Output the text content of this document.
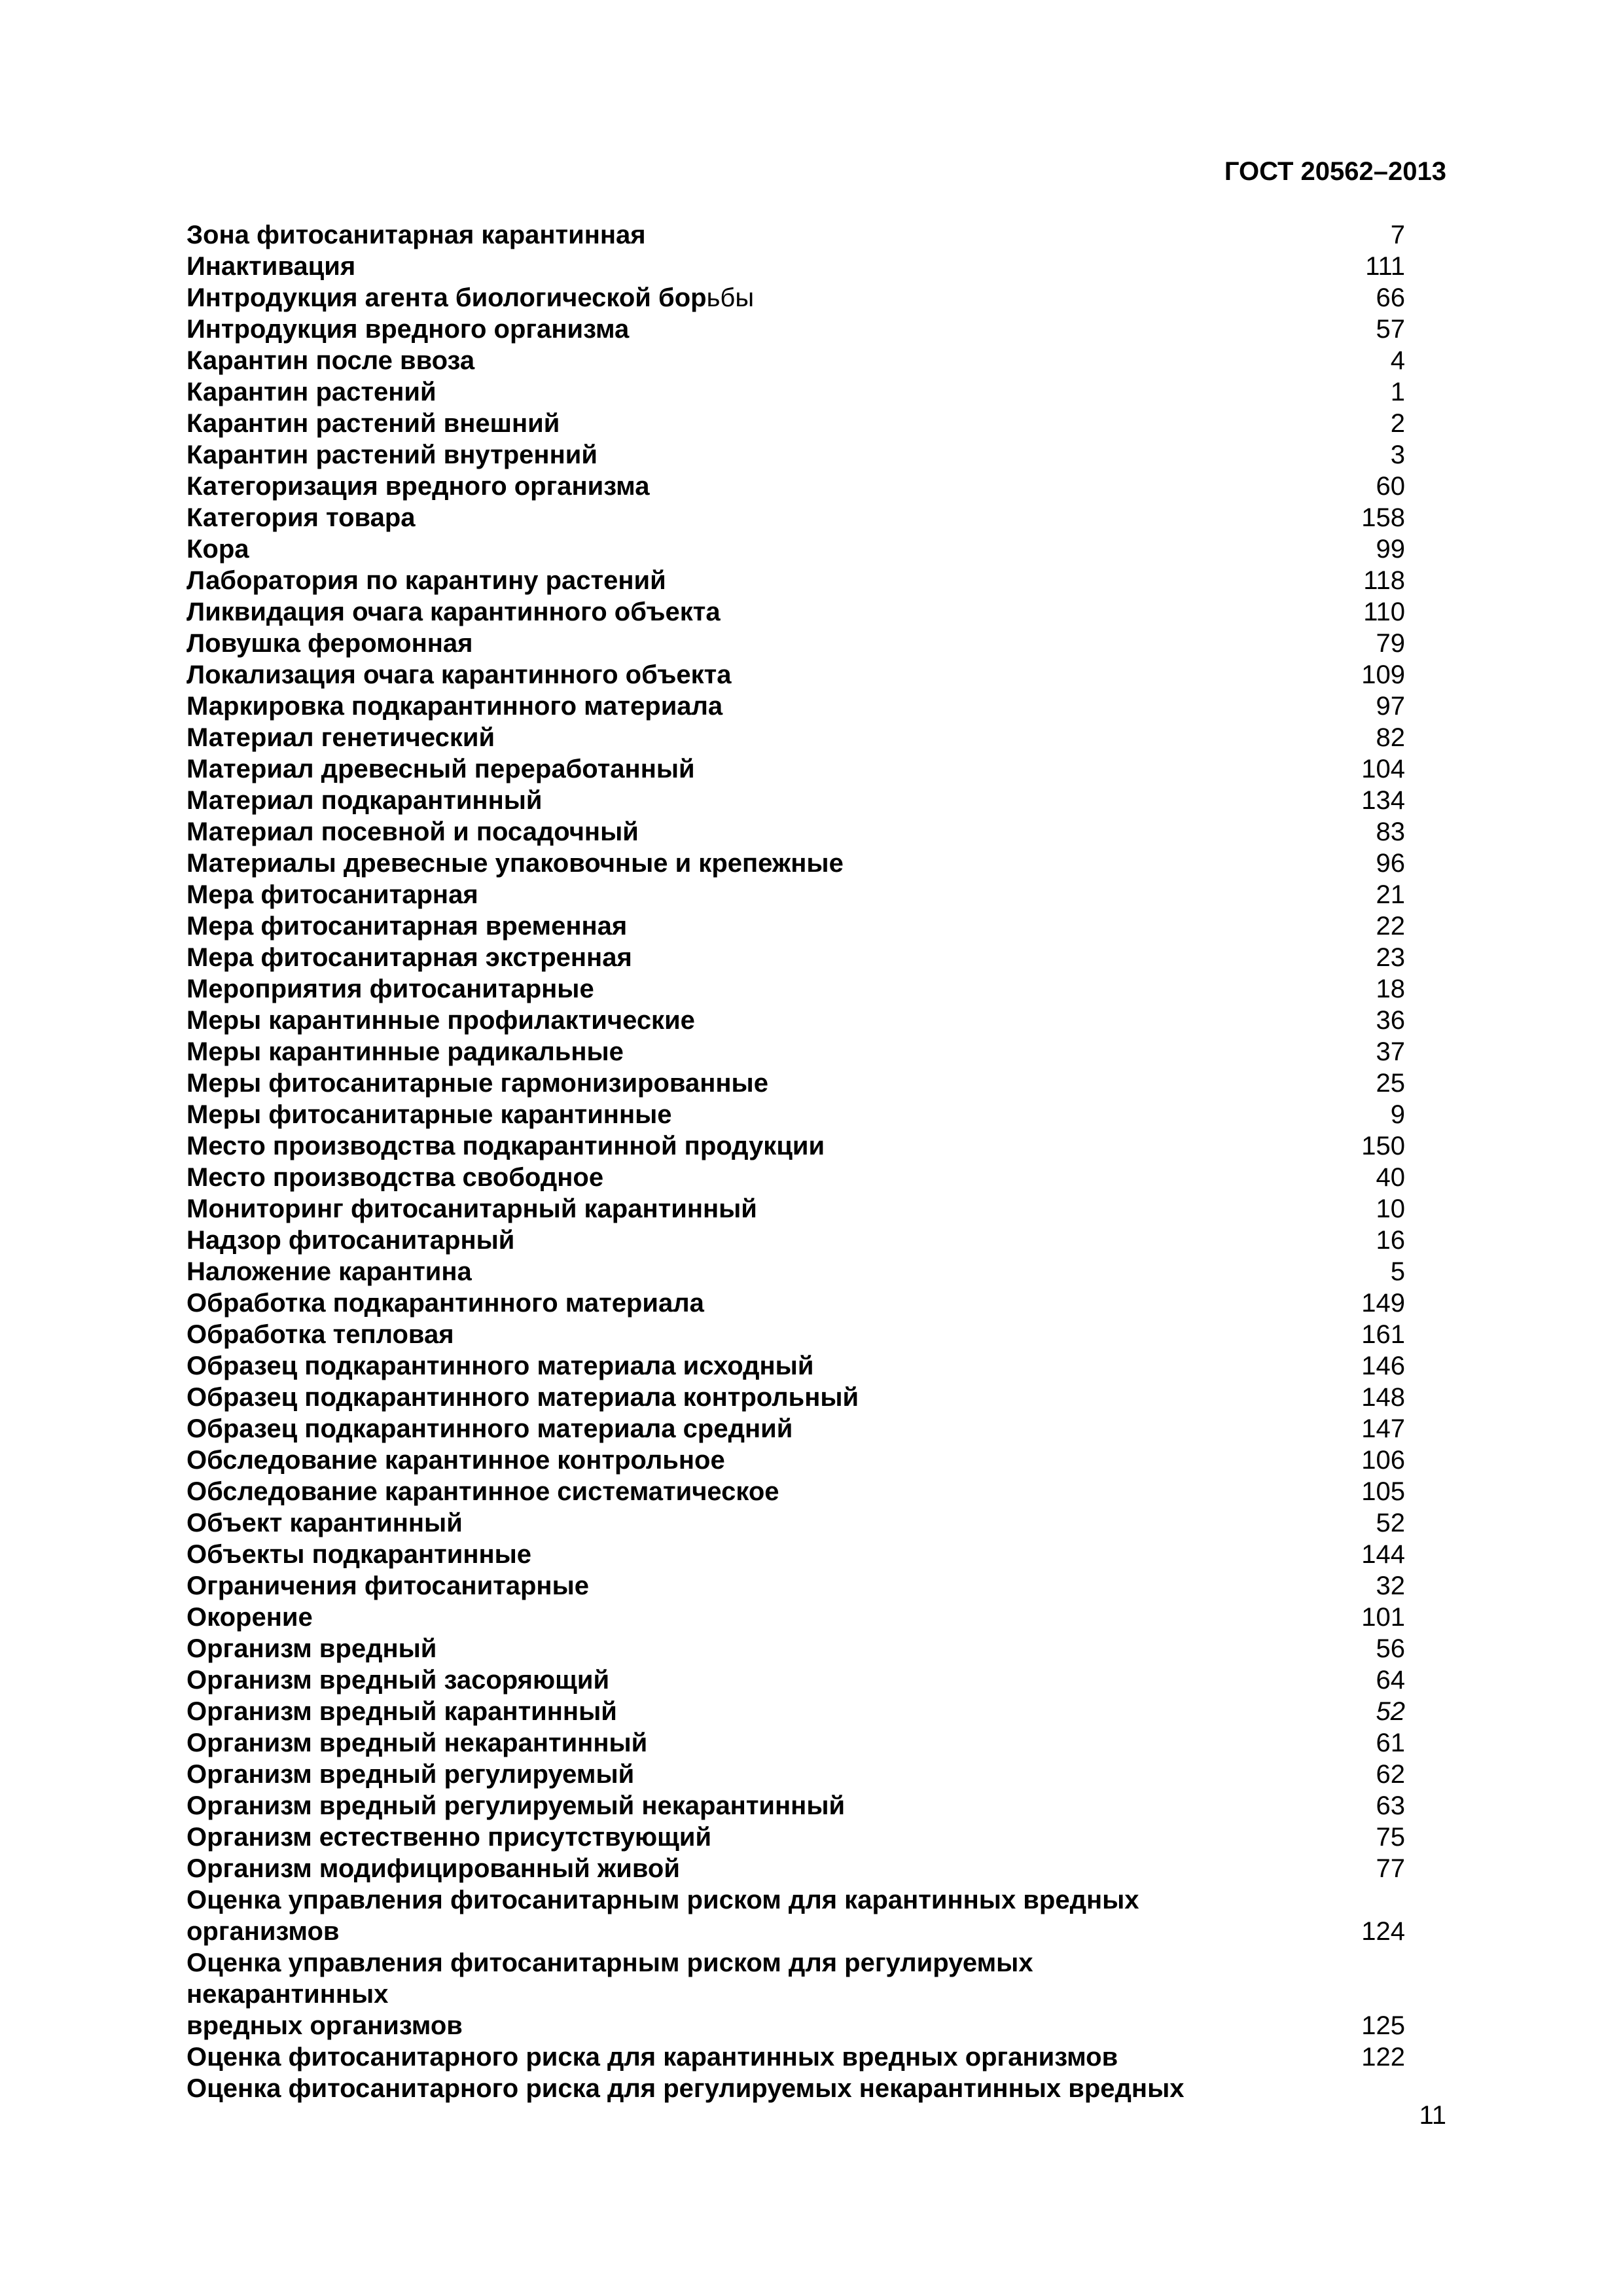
ГОСТ 20562–2013
Зона фитосанитарная карантинная	7
Инактивация	111
Интродукция агента биологической борьбы	66
Интродукция вредного организма	57
Карантин после ввоза	4
Карантин растений	1
Карантин растений внешний	2
Карантин растений внутренний	3
Категоризация вредного организма	60
Категория товара	158
Кора	99
Лаборатория по карантину растений	118
Ликвидация очага карантинного объекта	110
Ловушка феромонная	79
Локализация очага карантинного объекта	109
Маркировка подкарантинного материала	97
Материал генетический	82
Материал древесный переработанный	104
Материал подкарантинный	134
Материал посевной и посадочный	83
Материалы древесные упаковочные и крепежные	96
Мера фитосанитарная	21
Мера фитосанитарная временная	22
Мера фитосанитарная экстренная	23
Мероприятия фитосанитарные	18
Меры карантинные профилактические	36
Меры карантинные радикальные	37
Меры фитосанитарные гармонизированные	25
Меры фитосанитарные карантинные	9
Место производства подкарантинной продукции	150
Место производства свободное	40
Мониторинг фитосанитарный карантинный	10
Надзор фитосанитарный	16
Наложение карантина	5
Обработка подкарантинного материала	149
Обработка тепловая	161
Образец подкарантинного материала исходный	146
Образец подкарантинного материала контрольный	148
Образец подкарантинного материала средний	147
Обследование карантинное контрольное	106
Обследование карантинное систематическое	105
Объект карантинный	52
Объекты подкарантинные	144
Ограничения фитосанитарные	32
Окорение	101
Организм вредный	56
Организм вредный засоряющий	64
Организм вредный карантинный	52
Организм вредный некарантинный	61
Организм вредный регулируемый	62
Организм вредный регулируемый некарантинный	63
Организм естественно присутствующий	75
Организм модифицированный живой	77
Оценка управления фитосанитарным риском для карантинных вредных
организмов	124
Оценка управления фитосанитарным риском для регулируемых некарантинных
вредных организмов	125
Оценка фитосанитарного риска для карантинных вредных организмов	122
Оценка фитосанитарного риска для регулируемых некарантинных вредных
11
